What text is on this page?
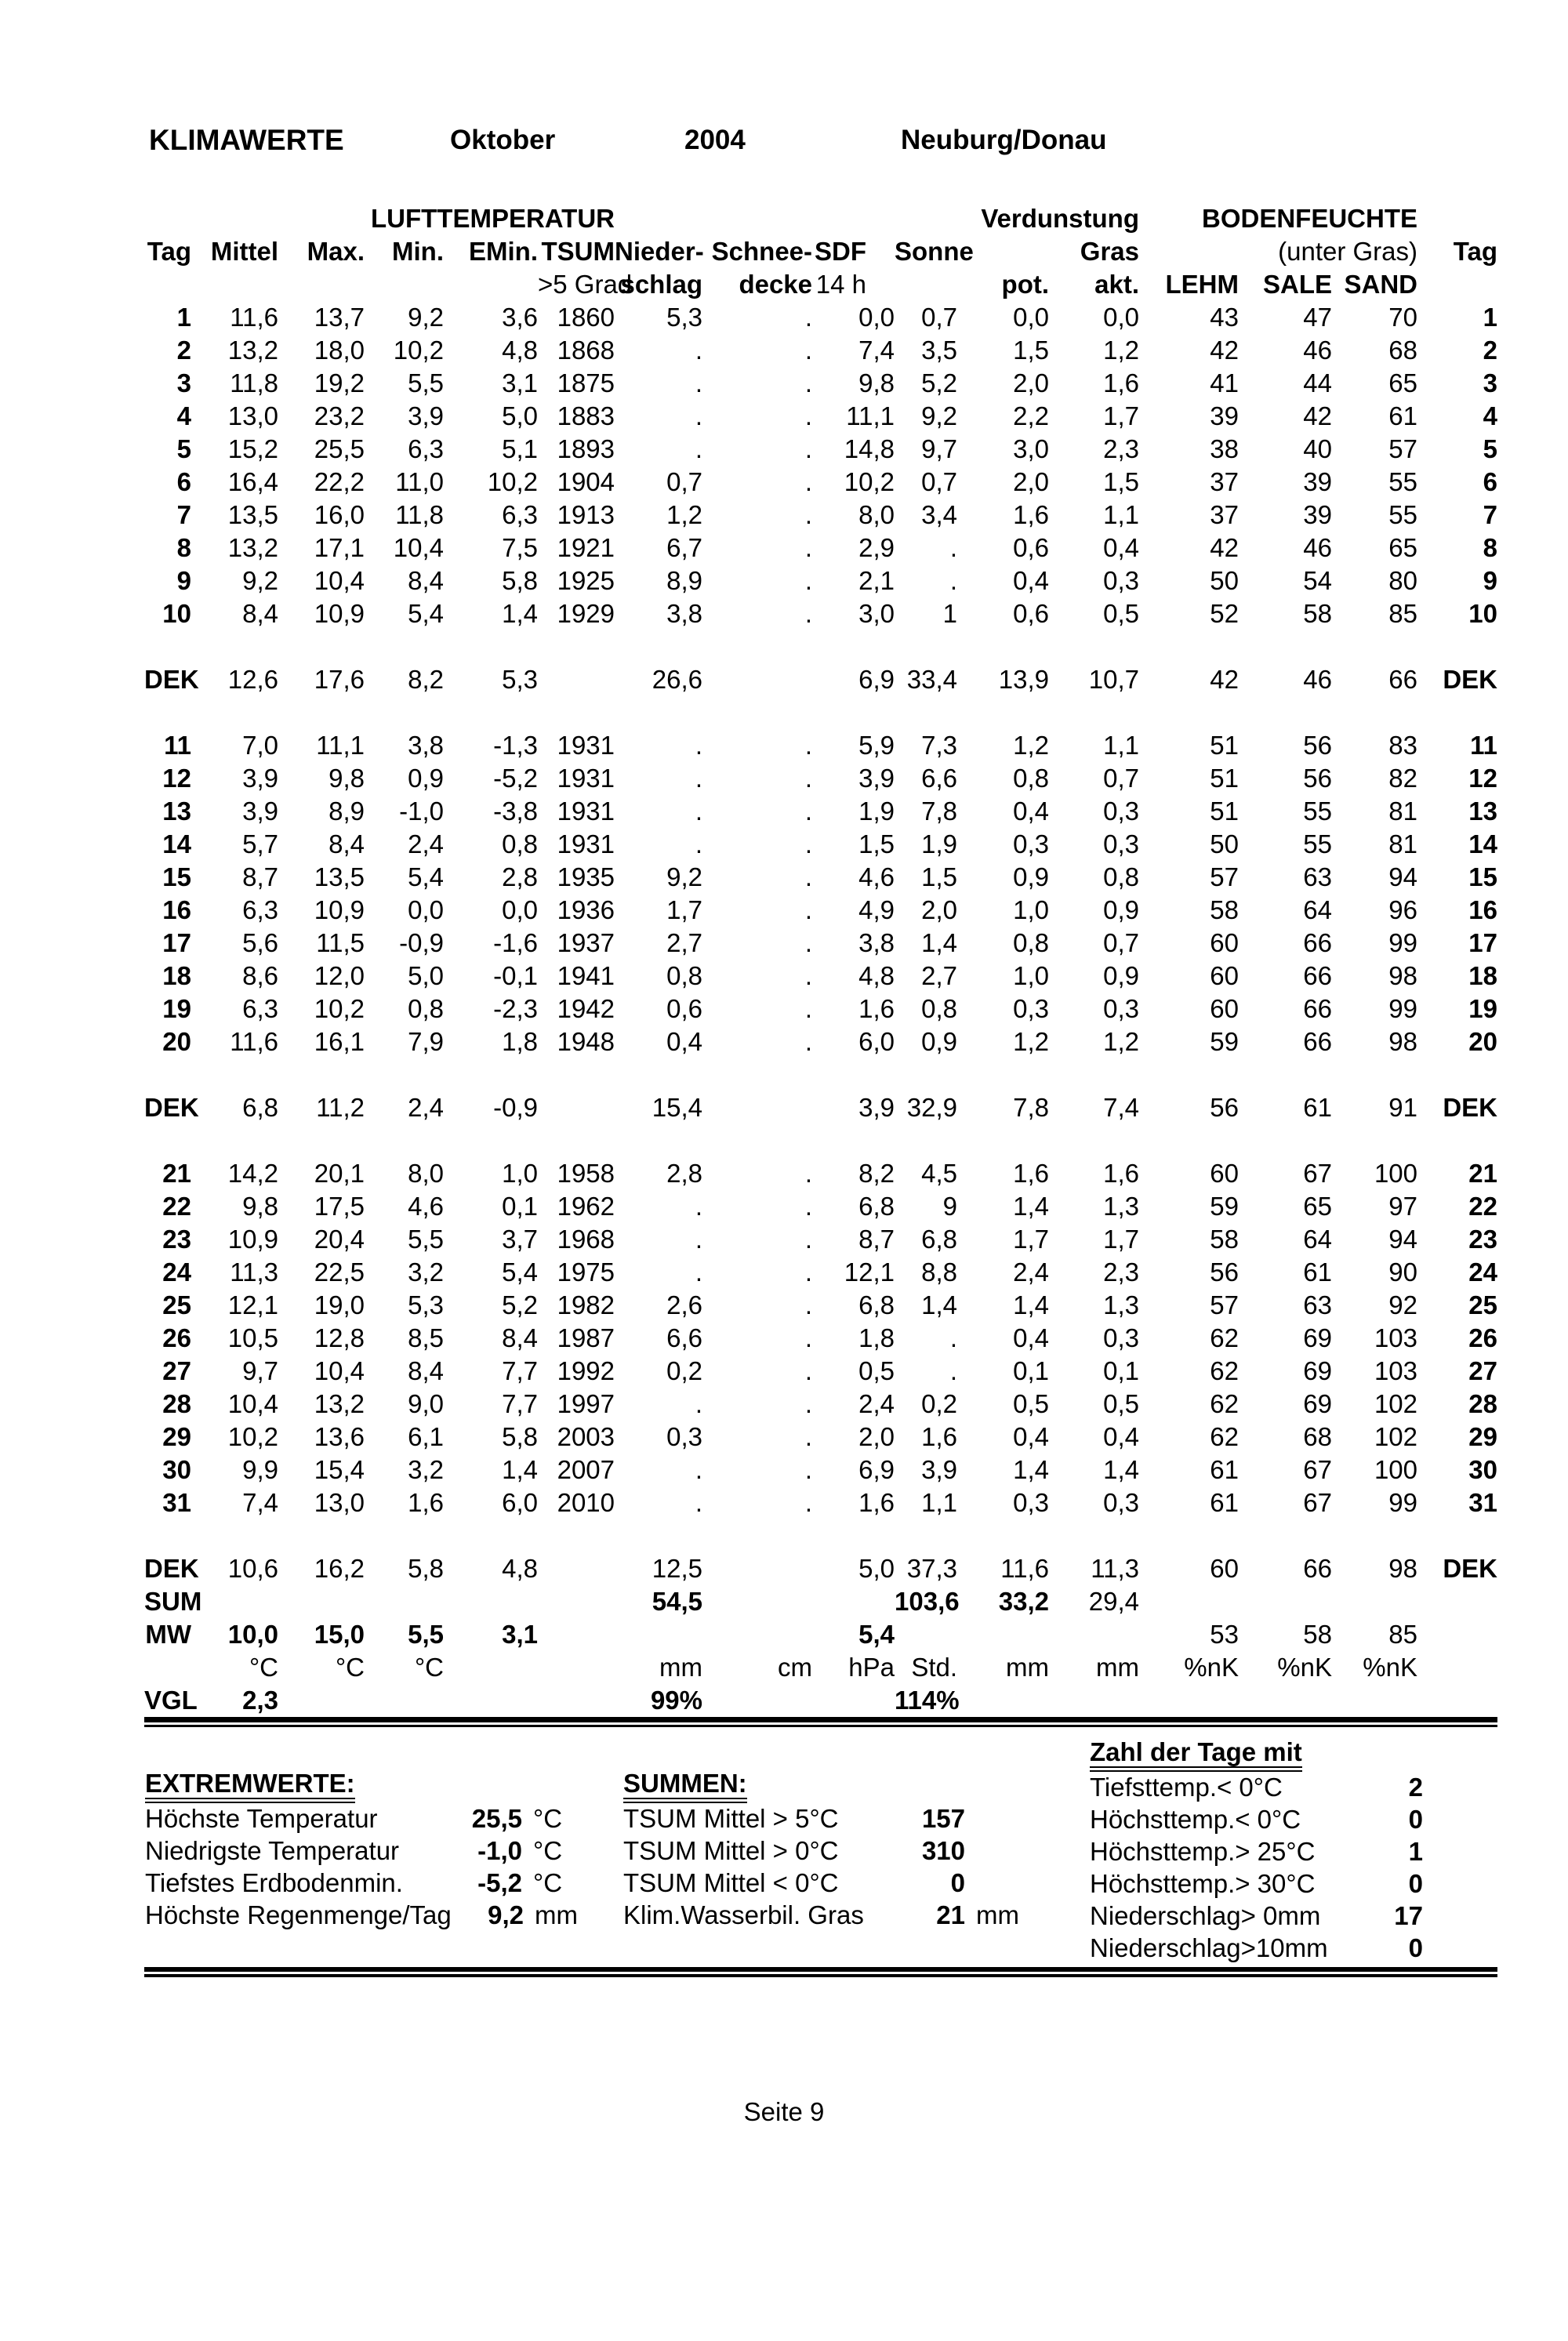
KLIMAWERTE	Oktober	2004	Neuburg/Donau
	LUFTTEMPERATUR									Verdunstung		BODENFEUCHTE			
Tag	Mittel	Max.	Min.	EMin.	TSUM	Nieder-	Schnee-	SDF	Sonne	Gras		(unter Gras)			Tag
					>5 Grad	schlag	decke	14 h		pot.	akt.	LEHM	SALE	SAND	
1	11,6	13,7	9,2	3,6	1860	5,3	.	0,0	0,7	0,0	0,0	43	47	70	1
2	13,2	18,0	10,2	4,8	1868	.	.	7,4	3,5	1,5	1,2	42	46	68	2
3	11,8	19,2	5,5	3,1	1875	.	.	9,8	5,2	2,0	1,6	41	44	65	3
4	13,0	23,2	3,9	5,0	1883	.	.	11,1	9,2	2,2	1,7	39	42	61	4
5	15,2	25,5	6,3	5,1	1893	.	.	14,8	9,7	3,0	2,3	38	40	57	5
6	16,4	22,2	11,0	10,2	1904	0,7	.	10,2	0,7	2,0	1,5	37	39	55	6
7	13,5	16,0	11,8	6,3	1913	1,2	.	8,0	3,4	1,6	1,1	37	39	55	7
8	13,2	17,1	10,4	7,5	1921	6,7	.	2,9	.	0,6	0,4	42	46	65	8
9	9,2	10,4	8,4	5,8	1925	8,9	.	2,1	.	0,4	0,3	50	54	80	9
10	8,4	10,9	5,4	1,4	1929	3,8	.	3,0	1	0,6	0,5	52	58	85	10

DEK	12,6	17,6	8,2	5,3		26,6		6,9	33,4	13,9	10,7	42	46	66	DEK

11	7,0	11,1	3,8	-1,3	1931	.	.	5,9	7,3	1,2	1,1	51	56	83	11
12	3,9	9,8	0,9	-5,2	1931	.	.	3,9	6,6	0,8	0,7	51	56	82	12
13	3,9	8,9	-1,0	-3,8	1931	.	.	1,9	7,8	0,4	0,3	51	55	81	13
14	5,7	8,4	2,4	0,8	1931	.	.	1,5	1,9	0,3	0,3	50	55	81	14
15	8,7	13,5	5,4	2,8	1935	9,2	.	4,6	1,5	0,9	0,8	57	63	94	15
16	6,3	10,9	0,0	0,0	1936	1,7	.	4,9	2,0	1,0	0,9	58	64	96	16
17	5,6	11,5	-0,9	-1,6	1937	2,7	.	3,8	1,4	0,8	0,7	60	66	99	17
18	8,6	12,0	5,0	-0,1	1941	0,8	.	4,8	2,7	1,0	0,9	60	66	98	18
19	6,3	10,2	0,8	-2,3	1942	0,6	.	1,6	0,8	0,3	0,3	60	66	99	19
20	11,6	16,1	7,9	1,8	1948	0,4	.	6,0	0,9	1,2	1,2	59	66	98	20

DEK	6,8	11,2	2,4	-0,9		15,4		3,9	32,9	7,8	7,4	56	61	91	DEK

21	14,2	20,1	8,0	1,0	1958	2,8	.	8,2	4,5	1,6	1,6	60	67	100	21
22	9,8	17,5	4,6	0,1	1962	.	.	6,8	9	1,4	1,3	59	65	97	22
23	10,9	20,4	5,5	3,7	1968	.	.	8,7	6,8	1,7	1,7	58	64	94	23
24	11,3	22,5	3,2	5,4	1975	.	.	12,1	8,8	2,4	2,3	56	61	90	24
25	12,1	19,0	5,3	5,2	1982	2,6	.	6,8	1,4	1,4	1,3	57	63	92	25
26	10,5	12,8	8,5	8,4	1987	6,6	.	1,8	.	0,4	0,3	62	69	103	26
27	9,7	10,4	8,4	7,7	1992	0,2	.	0,5	.	0,1	0,1	62	69	103	27
28	10,4	13,2	9,0	7,7	1997	.	.	2,4	0,2	0,5	0,5	62	69	102	28
29	10,2	13,6	6,1	5,8	2003	0,3	.	2,0	1,6	0,4	0,4	62	68	102	29
30	9,9	15,4	3,2	1,4	2007	.	.	6,9	3,9	1,4	1,4	61	67	100	30
31	7,4	13,0	1,6	6,0	2010	.	.	1,6	1,1	0,3	0,3	61	67	99	31

DEK	10,6	16,2	5,8	4,8		12,5		5,0	37,3	11,6	11,3	60	66	98	DEK
SUM						54,5			103,6	33,2	29,4				
MW	10,0	15,0	5,5	3,1				5,4				53	58	85	
	°C	°C	°C			mm	cm	hPa	Std.	mm	mm	%nK	%nK	%nK	
VGL	2,3					99%			114%						
EXTREMWERTE:
Höchste Temperatur	25,5 °C
Niedrigste Temperatur	-1,0 °C
Tiefstes Erdbodenmin.	-5,2 °C
Höchste Regenmenge/Tag	9,2 mm
SUMMEN:
TSUM Mittel > 5°C	157
TSUM Mittel > 0°C	310
TSUM Mittel < 0°C	0
Klim.Wasserbil. Gras	21 mm
Zahl der Tage mit
Tiefsttemp.< 0°C	2
Höchsttemp.< 0°C	0
Höchsttemp.> 25°C	1
Höchsttemp.> 30°C	0
Niederschlag> 0mm	17
Niederschlag>10mm	0
Seite 9
